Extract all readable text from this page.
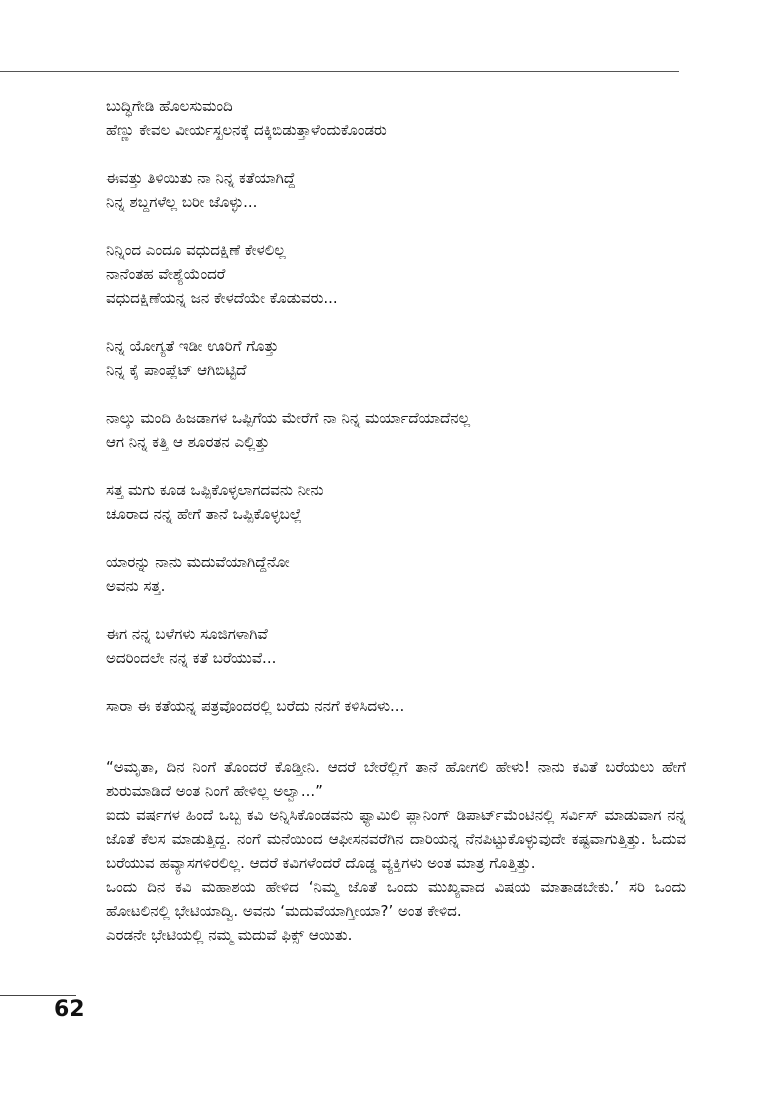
ಬುದ್ಧಿಗೇಡಿ ಹೊಲಸುಮಂದಿ
ಹೆಣ್ಣು ಕೇವಲ ವೀರ್ಯಸ್ಖಲನಕ್ಕೆ ದಕ್ಕಿಬಿಡುತ್ತಾಳೆಂದುಕೊಂಡರು
ಈವತ್ತು ತಿಳಿಯಿತು ನಾ ನಿನ್ನ ಕತೆಯಾಗಿದ್ದೆ
ನಿನ್ನ ಶಬ್ದಗಳೆಲ್ಲ ಬರೀ ಜೊಳ್ಳು...
ನಿನ್ನಿಂದ ಎಂದೂ ವಧುದಕ್ಷಿಣೆ ಕೇಳಲಿಲ್ಲ
ನಾನೆಂತಹ ವೇಶ್ಯೆಯೆಂದರೆ
ವಧುದಕ್ಷಿಣೆಯನ್ನ ಜನ ಕೇಳದೆಯೇ ಕೊಡುವರು...
ನಿನ್ನ ಯೋಗ್ಯತೆ ಇಡೀ ಊರಿಗೆ ಗೊತ್ತು
ನಿನ್ನ ಕೈ ಪಾಂಪ್ಲೆಟ್ ಆಗಿಬಿಟ್ಟಿದೆ
ನಾಲ್ಕು ಮಂದಿ ಹಿಜಡಾಗಳ ಒಪ್ಪಿಗೆಯ ಮೇರೆಗೆ ನಾ ನಿನ್ನ ಮರ್ಯಾದೆಯಾದೆನಲ್ಲ
ಆಗ ನಿನ್ನ ಕತ್ತಿ ಆ ಶೂರತನ ಎಲ್ಲಿತ್ತು
ಸತ್ತ ಮಗು ಕೂಡ ಒಪ್ಪಿಕೊಳ್ಳಲಾಗದವನು ನೀನು
ಚೂರಾದ ನನ್ನ ಹೇಗೆ ತಾನೆ ಒಪ್ಪಿಕೊಳ್ಳಬಲ್ಲೆ
ಯಾರನ್ನು ನಾನು ಮದುವೆಯಾಗಿದ್ದೆನೋ
ಅವನು ಸತ್ತ.
ಈಗ ನನ್ನ ಬಳೆಗಳು ಸೂಜಿಗಳಾಗಿವೆ
ಅದರಿಂದಲೇ ನನ್ನ ಕತೆ ಬರೆಯುವೆ...
ಸಾರಾ ಈ ಕತೆಯನ್ನ ಪತ್ರವೊಂದರಲ್ಲಿ ಬರೆದು ನನಗೆ ಕಳಿಸಿದಳು...

“ಅಮೃತಾ, ದಿನ ನಿಂಗೆ ತೊಂದರೆ ಕೊಡ್ತೀನಿ. ಆದರೆ ಬೇರೆಲ್ಲಿಗೆ ತಾನೆ ಹೋಗಲಿ ಹೇಳು! ನಾನು ಕವಿತೆ ಬರೆಯಲು ಹೇಗೆ ಶುರುಮಾಡಿದೆ ಅಂತ ನಿಂಗೆ ಹೇಳಿಲ್ಲ ಅಲ್ವಾ...”

ಐದು ವರ್ಷಗಳ ಹಿಂದೆ ಒಬ್ಬ ಕವಿ ಅನ್ನಿಸಿಕೊಂಡವನು ಫ್ಯಾಮಿಲಿ ಪ್ಲಾನಿಂಗ್ ಡಿಪಾರ್ಟ್‌ಮೆಂಟಿನಲ್ಲಿ ಸರ್ವಿಸ್ ಮಾಡುವಾಗ ನನ್ನ ಜೊತೆ ಕೆಲಸ ಮಾಡುತ್ತಿದ್ದ. ನಂಗೆ ಮನೆಯಿಂದ ಆಫೀಸನವರೆಗಿನ ದಾರಿಯನ್ನ ನೆನಪಿಟ್ಟುಕೊಳ್ಳುವುದೇ ಕಷ್ಟವಾಗುತ್ತಿತ್ತು. ಓದುವ ಬರೆಯುವ ಹವ್ಯಾಸಗಳಿರಲಿಲ್ಲ. ಆದರೆ ಕವಿಗಳೆಂದರೆ ದೊಡ್ಡ ವ್ಯಕ್ತಿಗಳು ಅಂತ ಮಾತ್ರ ಗೊತ್ತಿತ್ತು.

ಒಂದು ದಿನ ಕವಿ ಮಹಾಶಯ ಹೇಳಿದ ‘ನಿಮ್ಮ ಜೊತೆ ಒಂದು ಮುಖ್ಯವಾದ ವಿಷಯ ಮಾತಾಡಬೇಕು.’ ಸರಿ ಒಂದು ಹೋಟಲಿನಲ್ಲಿ ಭೇಟಿಯಾದ್ವಿ. ಅವನು ‘ಮದುವೆಯಾಗ್ತೀಯಾ?’ ಅಂತ ಕೇಳಿದ.

ಎರಡನೇ ಭೇಟಿಯಲ್ಲಿ ನಮ್ಮ ಮದುವೆ ಫಿಕ್ಸ್ ಆಯಿತು.

62
